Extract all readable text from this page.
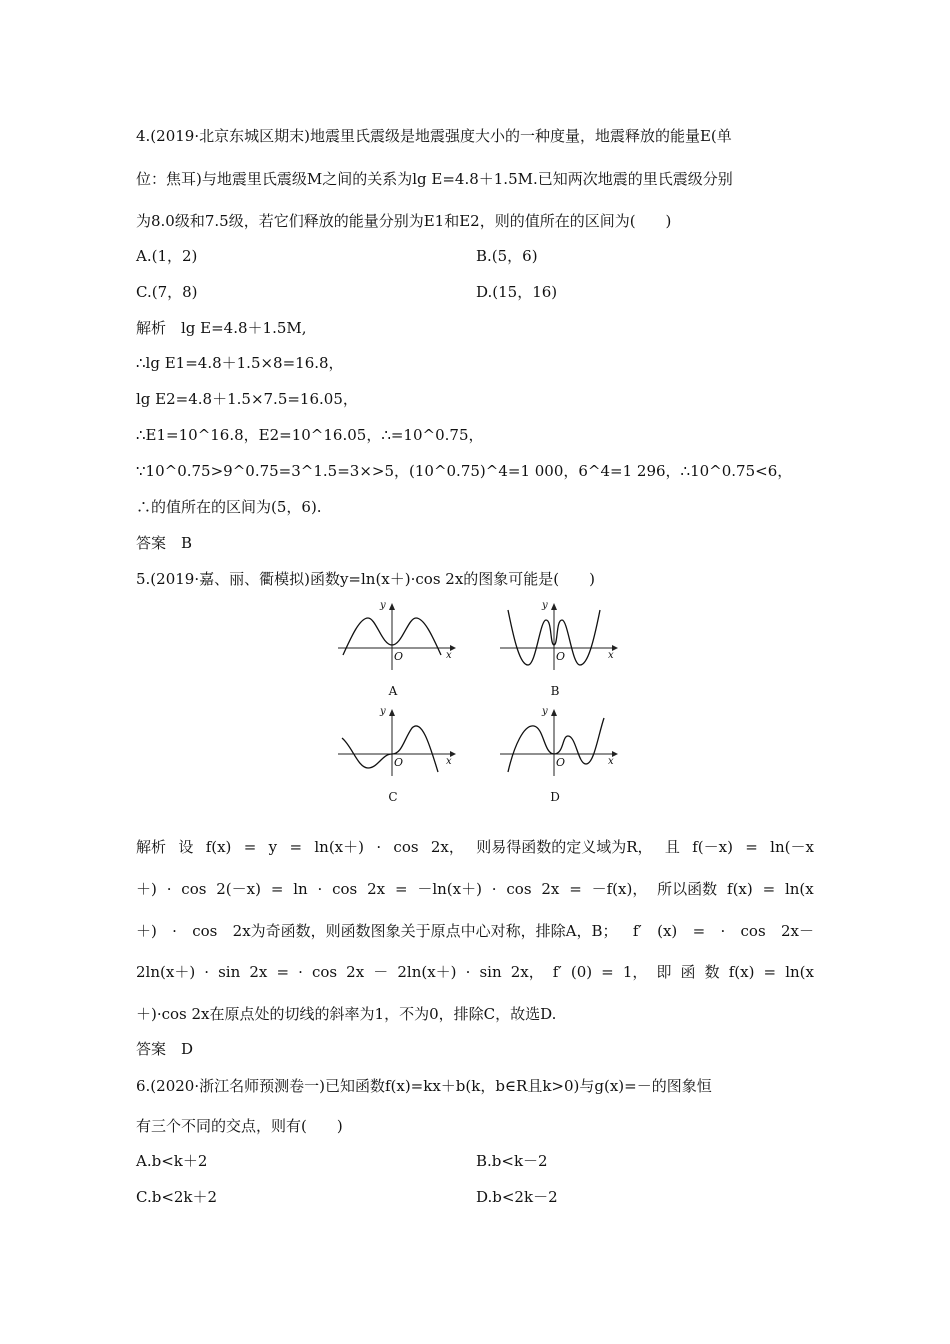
4.(2019·北京东城区期末)地震里氏震级是地震强度大小的一种度量，地震释放的能量E(单
位：焦耳)与地震里氏震级M之间的关系为lg E=4.8＋1.5M.已知两次地震的里氏震级分别
为8.0级和7.5级，若它们释放的能量分别为E1和E2，则的值所在的区间为(　　)
A.(1，2)	B.(5，6)
C.(7，8)	D.(15，16)
解析　lg E=4.8＋1.5M,
∴lg E1=4.8＋1.5×8=16.8，
lg E2=4.8＋1.5×7.5=16.05，
∴E1=10^16.8，E2=10^16.05，∴=10^0.75，
∵10^0.75>9^0.75=3^1.5=3×>5，(10^0.75)^4=1 000，6^4=1 296，∴10^0.75<6，
∴的值所在的区间为(5，6).
答案　B
5.(2019·嘉、丽、衢模拟)函数y=ln(x＋)·cos 2x的图象可能是(　　)
y
x
O
A
y
x
O
B
y
x
O
C
y
x
O
D
解析 设 f(x) = y = ln(x＋) · cos 2x， 则易得函数的定义域为R， 且 f(－x) = ln(－x
＋) · cos 2(－x) = ln · cos 2x = －ln(x＋) · cos 2x = －f(x)， 所以函数 f(x) = ln(x
＋) · cos 2x为奇函数，则函数图象关于原点中心对称，排除A，B； f′ (x) = · cos 2x－
2ln(x＋) · sin 2x = · cos 2x － 2ln(x＋) · sin 2x， f′ (0) = 1， 即 函 数 f(x) = ln(x
＋)·cos 2x在原点处的切线的斜率为1，不为0，排除C，故选D.
答案　D
6.(2020·浙江名师预测卷一)已知函数f(x)=kx＋b(k，b∈R且k>0)与g(x)=－的图象恒
有三个不同的交点，则有(　　)
A.b<k＋2	B.b<k－2
C.b<2k＋2	D.b<2k－2
